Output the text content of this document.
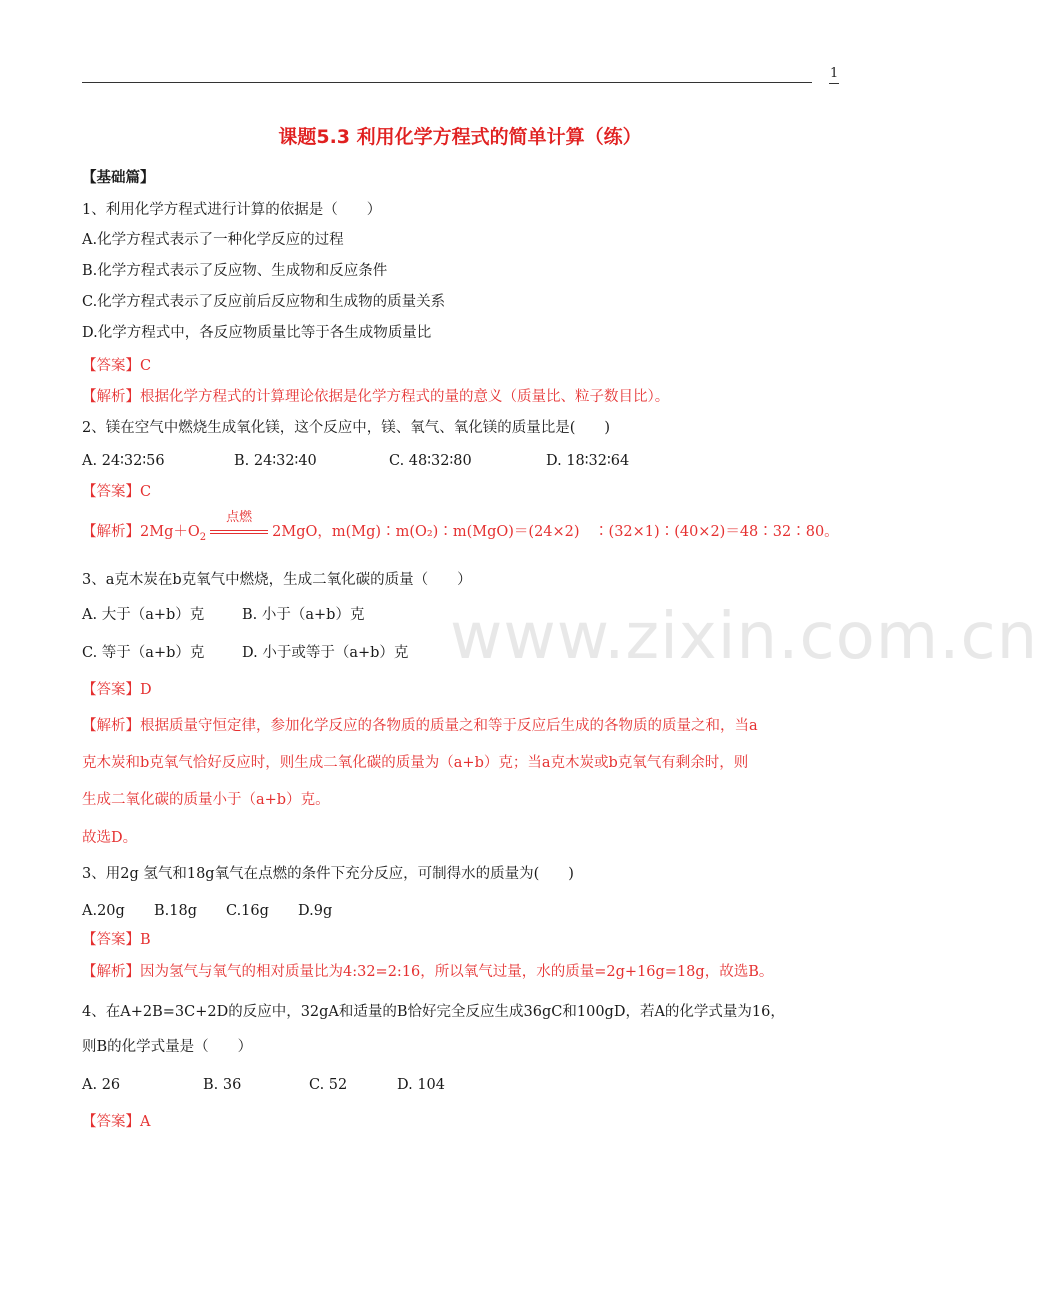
1
www.zixin.com.cn
课题5.3 利用化学方程式的简单计算（练）
【基础篇】
1、利用化学方程式进行计算的依据是（　　）
A.化学方程式表示了一种化学反应的过程
B.化学方程式表示了反应物、生成物和反应条件
C.化学方程式表示了反应前后反应物和生成物的质量关系
D.化学方程式中，各反应物质量比等于各生成物质量比
【答案】C
【解析】根据化学方程式的计算理论依据是化学方程式的量的意义（质量比、粒子数目比）。
2、镁在空气中燃烧生成氧化镁，这个反应中，镁、氧气、氧化镁的质量比是(　　)
A. 24∶32∶56	B. 24∶32∶40	C. 48∶32∶80	D. 18∶32∶64
【答案】C
【解析】$2Mg+O_2$
点燃
2MgO，m(Mg)∶m(O₂)∶m(MgO)＝(24×2)　∶(32×1)∶(40×2)＝48∶32∶80。
3、a克木炭在b克氧气中燃烧，生成二氧化碳的质量（　　）
A. 大于（a+b）克	B. 小于（a+b）克
C. 等于（a+b）克	D. 小于或等于（a+b）克
【答案】D
【解析】根据质量守恒定律，参加化学反应的各物质的质量之和等于反应后生成的各物质的质量之和，当a
克木炭和b克氧气恰好反应时，则生成二氧化碳的质量为（a+b）克；当a克木炭或b克氧气有剩余时，则
生成二氧化碳的质量小于（a+b）克。
故选D。
3、用2g 氢气和18g氧气在点燃的条件下充分反应，可制得水的质量为(　　)
A.20g B.18g C.16g D.9g
【答案】B
【解析】因为氢气与氧气的相对质量比为4:32=2:16，所以氧气过量，水的质量=2g+16g=18g，故选B。
4、在A+2B=3C+2D的反应中，32gA和适量的B恰好完全反应生成36gC和100gD，若A的化学式量为16，
则B的化学式量是（　　）
A. 26	B. 36	C. 52	D. 104
【答案】A
